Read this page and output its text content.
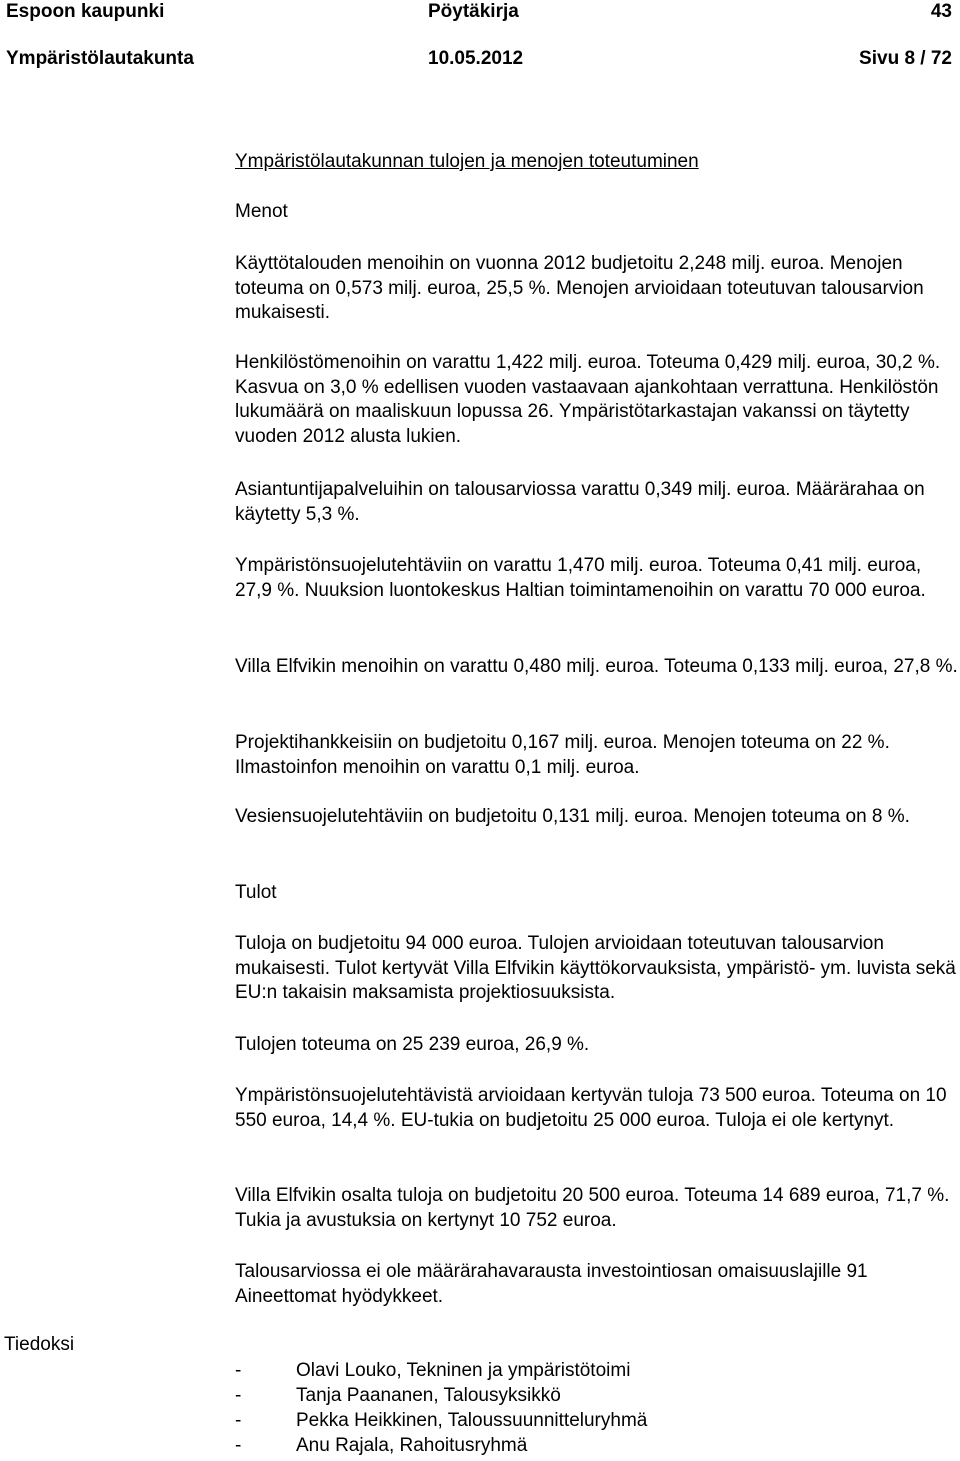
Espoon kaupunki	Pöytäkirja	43
Ympäristölautakunta	10.05.2012	Sivu 8 / 72
Ympäristölautakunnan tulojen ja menojen toteutuminen
Menot

Käyttötalouden menoihin on vuonna 2012 budjetoitu 2,248 milj. euroa. Menojen toteuma on 0,573 milj. euroa, 25,5 %. Menojen arvioidaan toteutuvan talousarvion mukaisesti.

Henkilöstömenoihin on varattu 1,422 milj. euroa. Toteuma 0,429 milj. euroa, 30,2 %. Kasvua on 3,0 % edellisen vuoden vastaavaan ajankohtaan verrattuna. Henkilöstön lukumäärä on maaliskuun lopussa 26. Ympäristötarkastajan vakanssi on täytetty vuoden 2012 alusta lukien.

Asiantuntijapalveluihin on talousarviossa varattu 0,349 milj. euroa. Määrärahaa on käytetty 5,3 %.

Ympäristönsuojelutehtäviin on varattu 1,470 milj. euroa. Toteuma 0,41 milj. euroa, 27,9 %. Nuuksion luontokeskus Haltian toimintamenoihin on varattu 70 000 euroa.

Villa Elfvikin menoihin on varattu 0,480 milj. euroa. Toteuma 0,133 milj. euroa, 27,8 %.

Projektihankkeisiin on budjetoitu 0,167 milj. euroa. Menojen toteuma on 22 %. Ilmastoinfon menoihin on varattu 0,1 milj. euroa.

Vesiensuojelutehtäviin on budjetoitu 0,131 milj. euroa. Menojen toteuma on 8 %.

Tulot

Tuloja on budjetoitu 94 000 euroa. Tulojen arvioidaan toteutuvan talousarvion mukaisesti. Tulot kertyvät Villa Elfvikin käyttökorvauksista, ympäristö- ym. luvista sekä EU:n takaisin maksamista projektiosuuksista.

Tulojen toteuma on 25 239 euroa, 26,9 %.

Ympäristönsuojelutehtävistä arvioidaan kertyvän tuloja 73 500 euroa. Toteuma on 10 550 euroa, 14,4 %. EU-tukia on budjetoitu 25 000 euroa. Tuloja ei ole kertynyt.

Villa Elfvikin osalta tuloja on budjetoitu 20 500 euroa. Toteuma 14 689 euroa, 71,7 %. Tukia ja avustuksia on kertynyt 10 752 euroa.

Talousarviossa ei ole määrärahavarausta investointiosan omaisuuslajille 91 Aineettomat hyödykkeet.

-	Olavi Louko, Tekninen ja ympäristötoimi
-	Tanja Paananen, Talousyksikkö
-	Pekka Heikkinen, Taloussuunnitteluryhmä
-	Anu Rajala, Rahoitusryhmä
Tiedoksi
